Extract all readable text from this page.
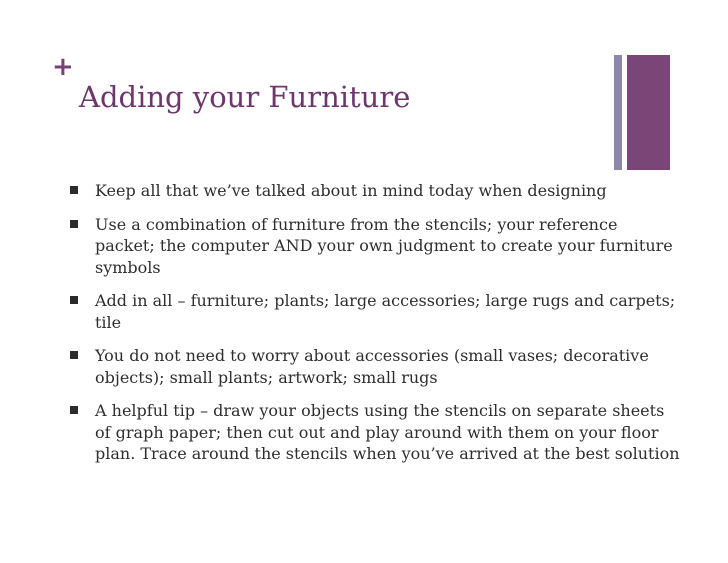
+
Adding your Furniture
Keep all that we’ve talked about in mind today when designing
Use a combination of furniture from the stencils; your reference packet; the computer AND your own judgment to create your furniture symbols
Add in all – furniture; plants; large accessories; large rugs and carpets; tile
You do not need to worry about accessories (small vases; decorative objects); small plants; artwork; small rugs
A helpful tip – draw your objects using the stencils on separate sheets of graph paper; then cut out and play around with them on your floor plan. Trace around the stencils when you’ve arrived at the best solution
